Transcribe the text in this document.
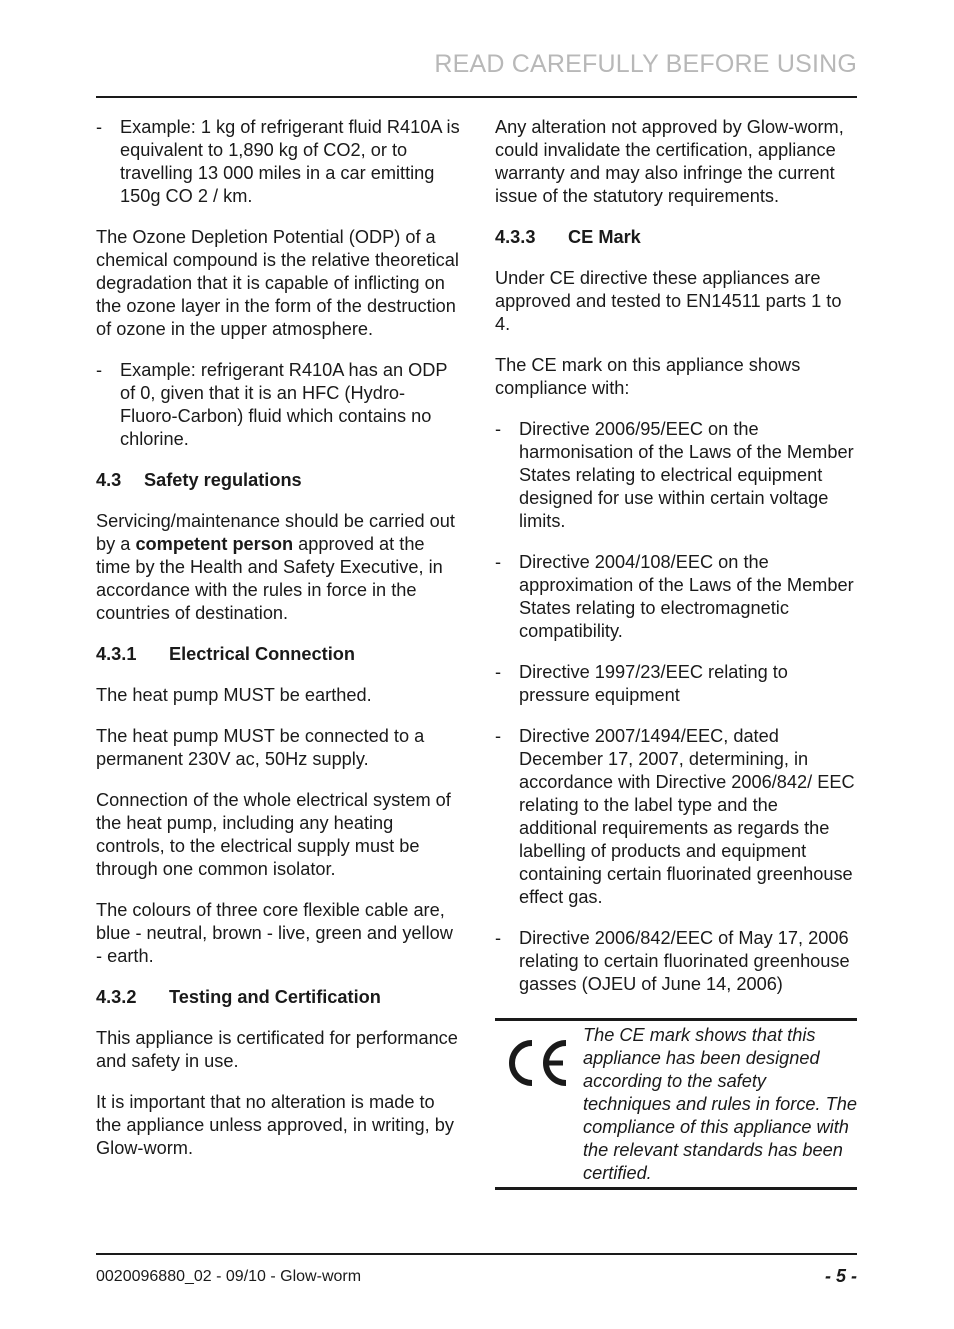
READ CAREFULLY BEFORE USING
- Example: 1 kg of refrigerant fluid R410A is equivalent to 1,890 kg of CO2, or to travelling 13 000 miles in a car emitting 150g CO 2 / km.

The Ozone Depletion Potential (ODP) of a chemical compound is the relative theoretical degradation that it is capable of inflicting on the ozone layer in the form of the destruction of ozone in the upper atmosphere.

- Example: refrigerant R410A has an ODP of 0, given that it is an HFC (Hydro-Fluoro-Carbon) fluid which contains no chlorine.
4.3 Safety regulations

Servicing/maintenance should be carried out by a competent person approved at the time by the Health and Safety Executive, in accordance with the rules in force in the countries of destination.

4.3.1 Electrical Connection

The heat pump MUST be earthed.

The heat pump MUST be connected to a permanent 230V ac, 50Hz supply.

Connection of the whole electrical system of the heat pump, including any heating controls, to the electrical supply must be through one common isolator.

The colours of three core flexible cable are, blue - neutral, brown - live, green and yellow - earth.

4.3.2 Testing and Certification

This appliance is certificated for performance and safety in use.

It is important that no alteration is made to the appliance unless approved, in writing, by Glow-worm.

Any alteration not approved by Glow-worm, could invalidate the certification, appliance warranty and may also infringe the current issue of the statutory requirements.

4.3.3 CE Mark

Under CE directive these appliances are approved and tested to EN14511 parts 1 to 4.

The CE mark on this appliance shows compliance with:

- Directive 2006/95/EEC on the harmonisation of the Laws of the Member States relating to electrical equipment designed for use within certain voltage limits.
- Directive 2004/108/EEC on the approximation of the Laws of the Member States relating to electromagnetic compatibility.
- Directive 1997/23/EEC relating to pressure equipment
- Directive 2007/1494/EEC, dated December 17, 2007, determining, in accordance with Directive 2006/842/ EEC relating to the label type and the additional requirements as regards the labelling of products and equipment containing certain fluorinated greenhouse effect gas.
- Directive 2006/842/EEC of May 17, 2006 relating to certain fluorinated greenhouse gasses (OJEU of June 14, 2006)
The CE mark shows that this appliance has been designed according to the safety techniques and rules in force. The compliance of this appliance with the relevant standards has been certified.
0020096880_02 - 09/10 - Glow-worm	- 5 -
